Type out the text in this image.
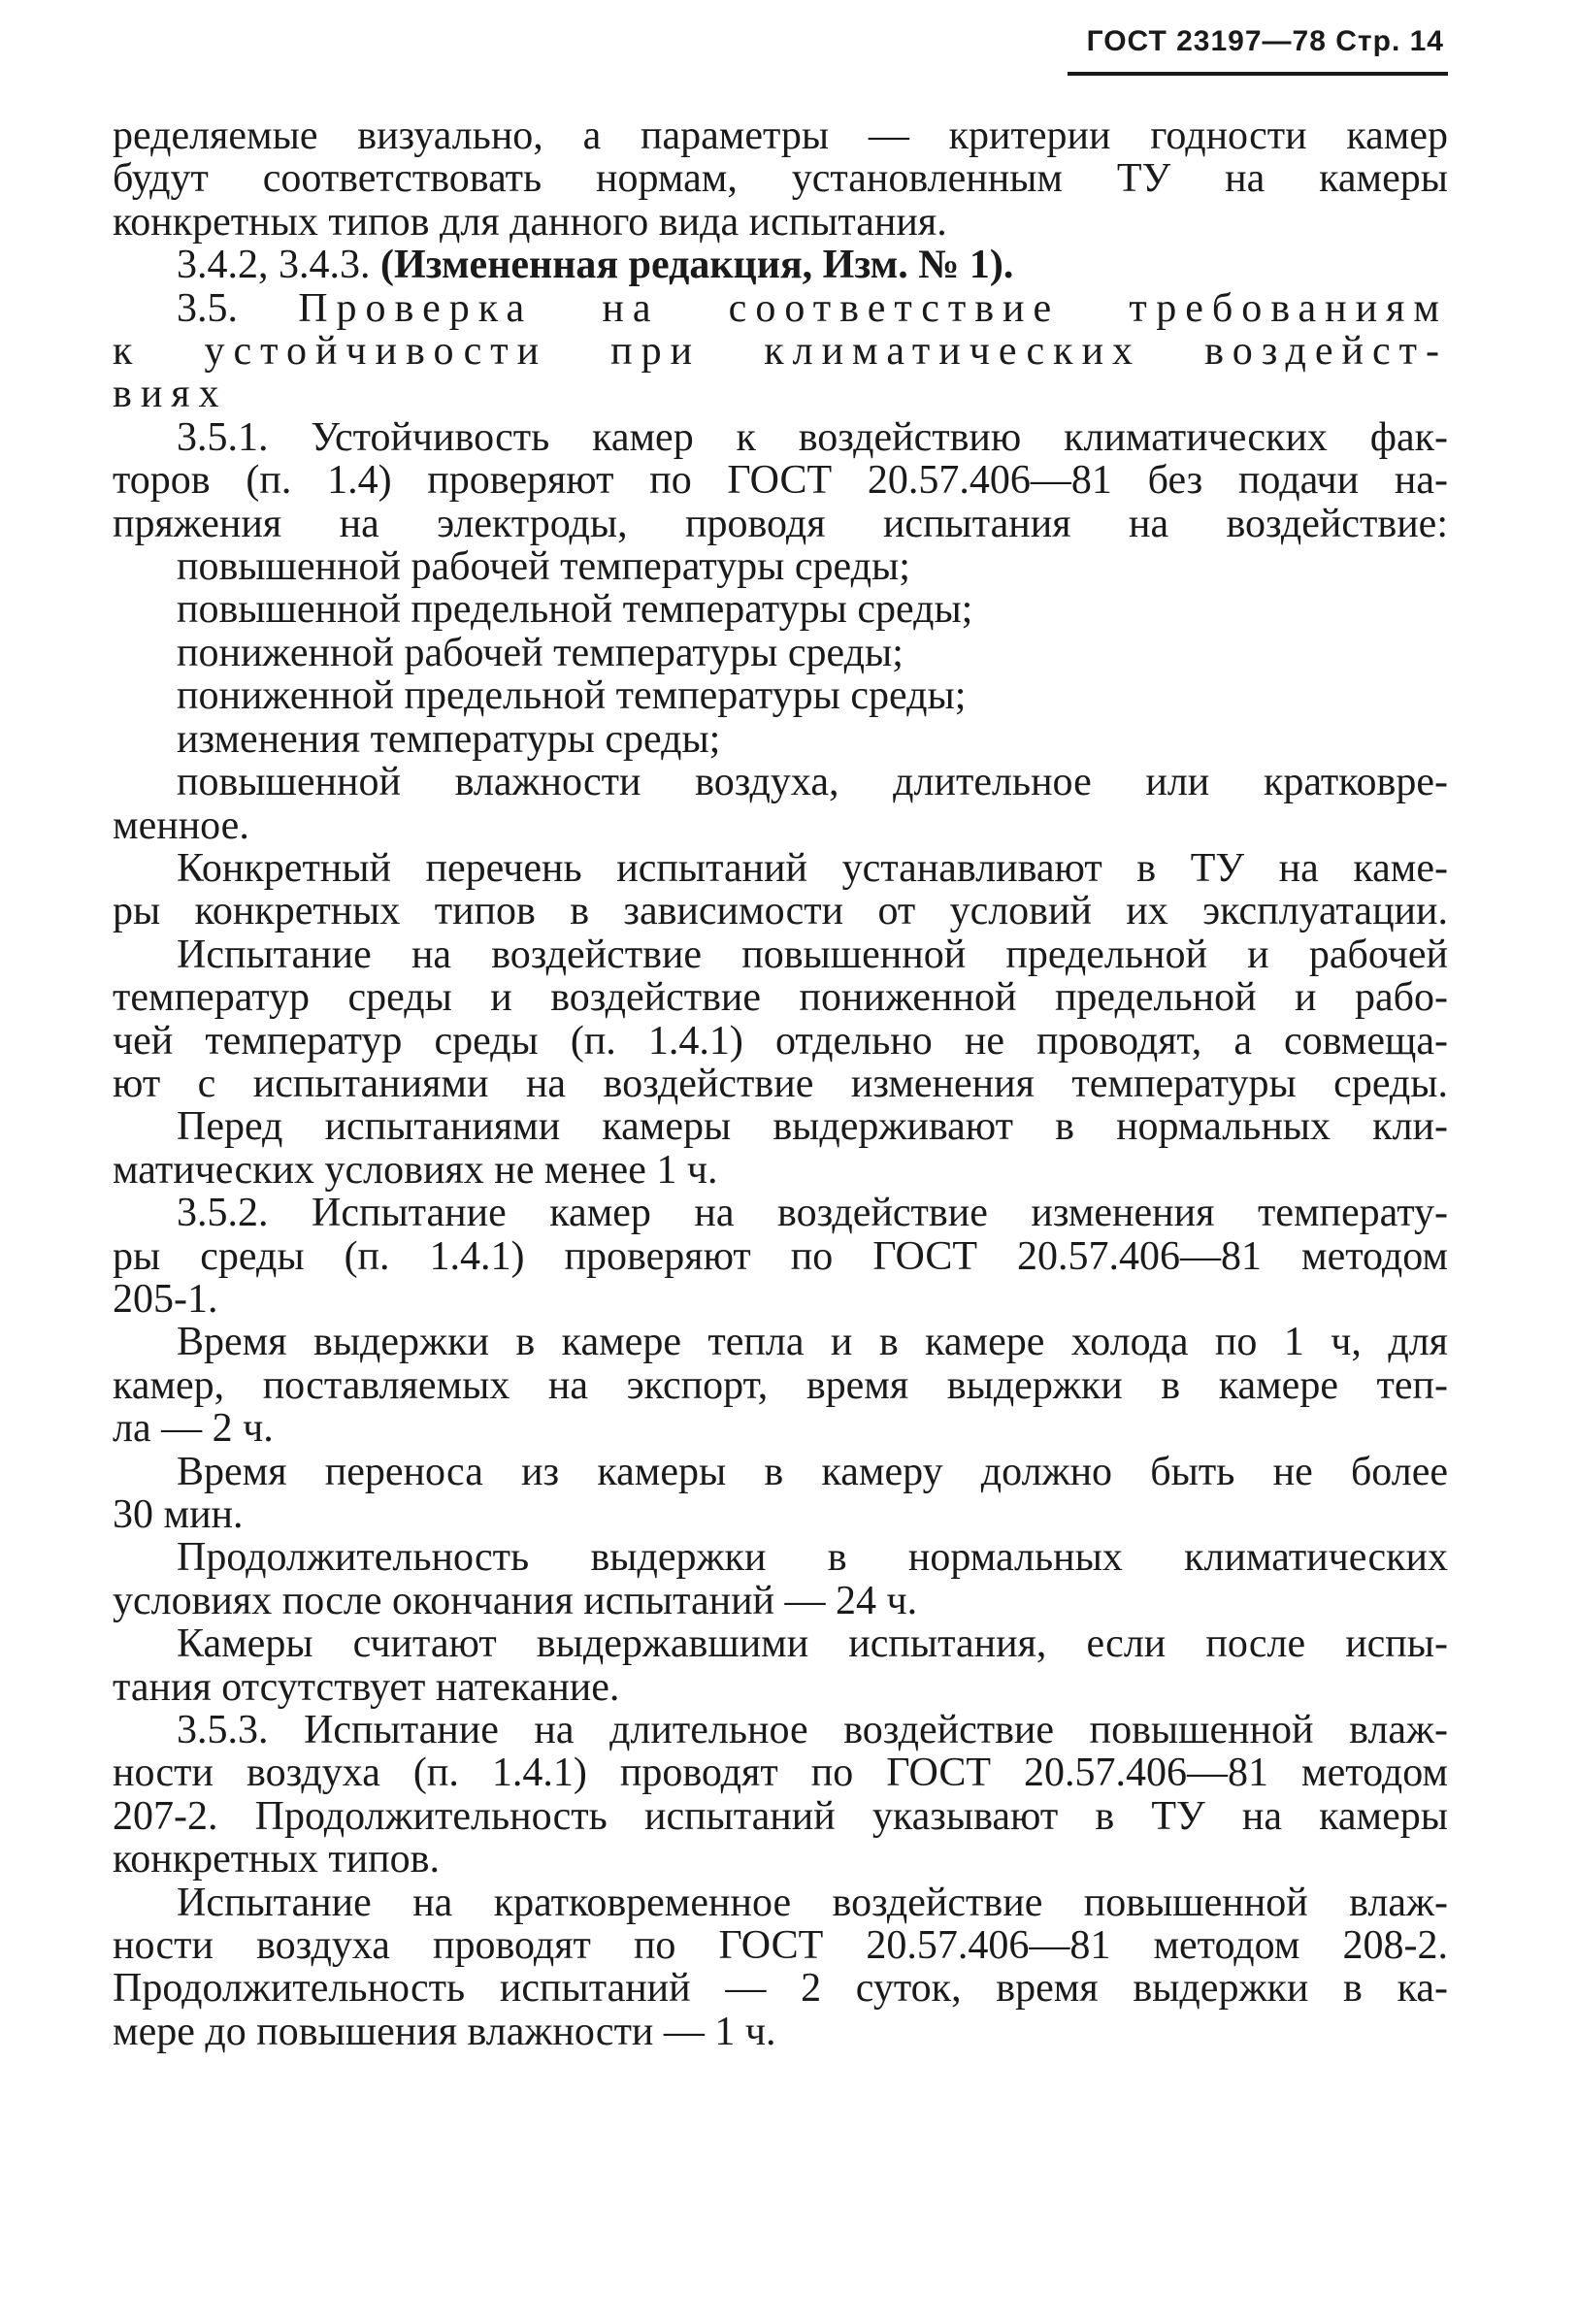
ГОСТ 23197—78 Стр. 14

ределяемые визуально, а параметры — критерии годности камер
будут соответствовать нормам, установленным ТУ на камеры
конкретных типов для данного вида испытания.

3.4.2, 3.4.3. (Измененная редакция, Изм. № 1).

3.5. Проверка на соответствие требованиям
к устойчивости при климатических воздейст-
виях

3.5.1. Устойчивость камер к воздействию климатических фак-
торов (п. 1.4) проверяют по ГОСТ 20.57.406—81 без подачи на-
пряжения на электроды, проводя испытания на воздействие:
повышенной рабочей температуры среды;
повышенной предельной температуры среды;
пониженной рабочей температуры среды;
пониженной предельной температуры среды;
изменения температуры среды;
повышенной влажности воздуха, длительное или кратковре-
менное.

Конкретный перечень испытаний устанавливают в ТУ на каме-
ры конкретных типов в зависимости от условий их эксплуатации.

Испытание на воздействие повышенной предельной и рабочей
температур среды и воздействие пониженной предельной и рабо-
чей температур среды (п. 1.4.1) отдельно не проводят, а совмеща-
ют с испытаниями на воздействие изменения температуры среды.

Перед испытаниями камеры выдерживают в нормальных кли-
матических условиях не менее 1 ч.

3.5.2. Испытание камер на воздействие изменения температу-
ры среды (п. 1.4.1) проверяют по ГОСТ 20.57.406—81 методом
205-1.

Время выдержки в камере тепла и в камере холода по 1 ч, для
камер, поставляемых на экспорт, время выдержки в камере теп-
ла — 2 ч.

Время переноса из камеры в камеру должно быть не более
30 мин.

Продолжительность выдержки в нормальных климатических
условиях после окончания испытаний — 24 ч.

Камеры считают выдержавшими испытания, если после испы-
тания отсутствует натекание.

3.5.3. Испытание на длительное воздействие повышенной влаж-
ности воздуха (п. 1.4.1) проводят по ГОСТ 20.57.406—81 методом
207-2. Продолжительность испытаний указывают в ТУ на камеры
конкретных типов.

Испытание на кратковременное воздействие повышенной влаж-
ности воздуха проводят по ГОСТ 20.57.406—81 методом 208-2.
Продолжительность испытаний — 2 суток, время выдержки в ка-
мере до повышения влажности — 1 ч.
